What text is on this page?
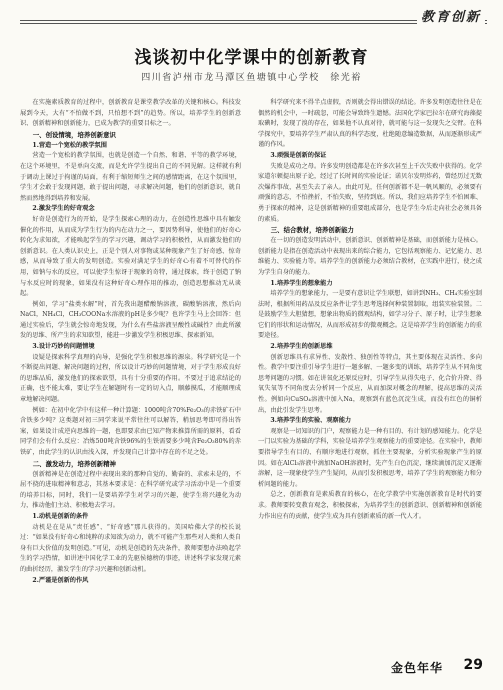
教育创新
浅谈初中化学课中的创新教育
四川省泸州市龙马潭区鱼塘镇中心学校　徐光裕

在实施素质教育的过程中，创新教育是课堂教学改革的关键和核心。科技发展到今天，大有“不怕做不到，只怕想不到”的趋势。所以，培养学生的创新意识、创新精神和创新能力，已成为教学的重要目标之一。

一、创设情境，培养创新意识
1.营造一个宽松的教学氛围

营造一个宽松的教学氛围，也就是创造一个自然、和谐、平等的教学环境，在这个环境里，不是单向交流，而是允许学生提出自己的不同见解。这样就有利于调动上课过于拘谨的局面，有利于缩短师生之间的感情距离，在这个氛围里，学生才会敢于发现问题，敢于提出问题，寻求解决问题，他们的创新意识，就自然而然地得到培养和发展。

2.激发学生的好奇观念

好奇是创造行为的开始，是学生探索心理的动力，在创造性思维中具有触发催化的作用，从而成为学生行为的内在动力之一，要因势利导，使他们的好奇心转化为求知欲，才能唤起学生的学习兴趣，调动学习的积极性，从而激发他们的创新意识。在人类认识史上，正是个别人对事物或某种现象产生了好奇感、惊奇感，从而导致了重大的发明创造。实验对满足学生的好奇心有着不可替代的作用，如钠与水的反应，可以使学生惊讶于现象的奇特，通过探索，终于创造了钠与水反应时的现象，如果没有这种好奇心理作用的推动，创造思想推动无从谈起。

例如，学习“盐类水解”时，首先我出题醋酸钠溶液，碳酸钠溶液，然后向NaCl，NH₄Cl，CH₃COONa水溶液的pH是多少呢？也许学生马上会回答：但通过实验后，学生就会惊奇地发现，为什么有些盐溶液呈酸性或碱性？由此所激发的思维、所产生的求知欲望，能进一步激发学生积极思维、探索新知。

3.设计巧妙的问题情境

设疑是探索科学真理的向导，是强化学生积极思维的源泉。科学研究是一个不断提出问题、解决问题的过程，所以设计巧妙的问题情境，对于学生形成良好的思维品质，激发他们的探索欲望，具有十分重要的作用。不要过于追求结论的正确，也不能太难，要让学生在解题时有一定的切入点，顺藤摸瓜，才能顺理成章地解决问题。

例如：在初中化学中有这样一种计算题：1000吨含70%Fe₂O₃的赤铁矿石中含铁多少吨？这类题对初三同学来说平常往往可以解答，稍加思考即可得出答案，如果设计成逆向思维的一题，也即要求由已知产物来推算所需的原料，看看同学们会有什么反应：冶炼500吨含铁96%的生铁需要多少吨含Fe₂O₃80%的赤铁矿，由此学生的认识由浅入深，并发现自己计算中存在的不足之处。

二、激发动力，培养创新精神

创新精神是在创造过程中表现出来的那种自觉的、勤奋的、求索未是的，不屈不挠的进取精神和意志，其基本要求是：在科学研究或学习活动中是一个重要的培养目标，同时，我们一是要培养学生对学习的兴趣，使学生将兴趣化为动力，推动他们主动、积极地去学习。

1.动机是创新的条件

动机是在是从“责任感”、“好奇感”那儿获得的。美国哈佛大学的校长说过：“如果没有好奇心和纯粹的求知欲为动力，就不可能产生那些对人类和人类自身有巨大价值的发明创造。”可见，动机是创造的先决条件，教师要想办法唤起学生的学习热情，如讲述中国化学工业的先驱侯德榜的事迹，讲述科学家发现元素的曲折经历，激发学生的学习兴趣和创新动机。

2.严谨是创新的作风

科学研究来不得半点虚假，否则就会得出错误的结论。许多发明创造往往是在偶然的机会中，一时疏忽，可能会导致终生遗憾。法国化学家巴拉尔在研究海藻提取碘时，发现了溴的存在，如果他不认真对待，就可能与这一发现失之交臂。在科学探究中，要培养学生严肃认真的科学态度，杜绝随意编造数据，从而逐渐形成严谨的作风。

3.顽强是创新的保证

失败是成功之母。许多发明创造都是在许多次甚至上千次失败中获得的。化学家道尔顿提出原子论，经过了长时间的实验论证；诺贝尔发明炸药，曾经历过无数次爆炸事故，甚至失去了亲人。由此可见，任何创新都不是一帆风顺的，必须要有顽强的意志，不怕挫折，不怕失败，坚持到底。所以，我们应培养学生不怕困难、勇于探索的精神，这是创新精神的重要组成部分，也是学生今后走向社会必须具备的素质。

三、结合教材，培养创新能力

在一切的创造发明活动中，创新意识、创新精神是基础，而创新能力是核心。创新能力是指在创造活动中表现出来的综合能力，它包括观察能力、记忆能力、思维能力、实验能力等。培养学生的创新能力必须结合教材，在实践中进行，使之成为学生自身的能力。

1.培养学生的想象能力

培养学生的想象能力，一是要有意识让学生联想，如讲到NH₃、CH₄实验室制法时，根据所用药品及反应条件让学生思考选择何种装置制取，组装实验装置。二是鼓励学生大胆猜想，想象出物质的微观结构，如学习分子、原子时，让学生想象它们的形状和运动情况，从而形成初步的微观概念。这是培养学生的创新能力的重要途径。

2.培养学生的创新思维

创新思维具有求异性、发散性、独创性等特点，其主要体现在灵活性、多向性。教学中要注重引导学生进行一题多解、一题多变的训练，培养学生从不同角度思考问题的习惯。如在讲氧化还原反应时，引导学生从得失电子、化合价升降、得氧失氧等不同角度去分析同一个反应，从而加深对概念的理解，提高思维的灵活性。例如向CuSO₄溶液中加入Na，观察到有蓝色沉淀生成，而没有红色的铜析出，由此引发学生思考。

3.培养学生的实验、观察能力

观察是一切知识的门户，观察能力是一种有目的、有计划的感知能力。化学是一门以实验为基础的学科，实验是培养学生观察能力的重要途径。在实验中，教师要指导学生有目的、有顺序地进行观察，抓住主要现象，分析实验现象产生的原因。如在AlCl₃溶液中滴加NaOH溶液时，先产生白色沉淀，继续滴加沉淀又逐渐溶解，这一现象使学生产生疑问，从而引发积极思考，培养了学生的观察能力和分析问题的能力。

总之，创新教育是素质教育的核心，在化学教学中实施创新教育是时代的要求。教师要转变教育观念，积极探索，为培养学生的创新意识、创新精神和创新能力作出应有的贡献，使学生成为具有创新素质的新一代人才。

金色年华 29
